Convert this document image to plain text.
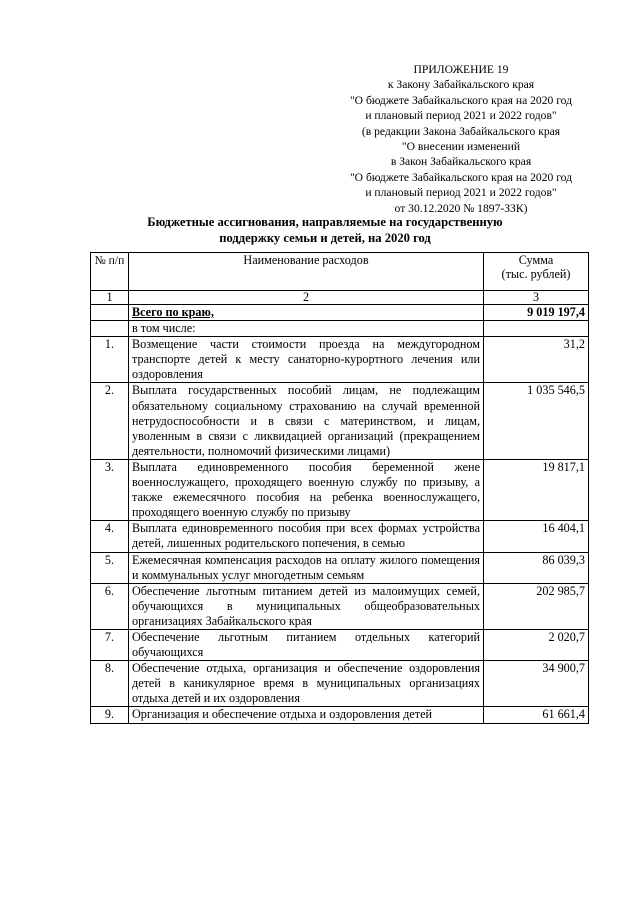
ПРИЛОЖЕНИЕ 19
к Закону Забайкальского края
"О бюджете Забайкальского края на 2020 год
и плановый период 2021 и 2022 годов"
(в редакции Закона Забайкальского края
"О внесении изменений
в Закон Забайкальского края
"О бюджете Забайкальского края на 2020 год
и плановый период 2021 и 2022 годов"
от 30.12.2020 № 1897-ЗЗК)
Бюджетные ассигнования, направляемые на государственную
поддержку семьи и детей, на 2020 год
№ п/п	Наименование расходов	Сумма
(тыс. рублей)

1	2	3
	Всего по краю,	9 019 197,4
	в том числе:	
1.	Возмещение части стоимости проезда на междугородном транспорте детей к месту санаторно-курортного лечения или оздоровления	31,2
2.	Выплата государственных пособий лицам, не подлежащим обязательному социальному страхованию на случай временной нетрудоспособности и в связи с материнством, и лицам, уволенным в связи с ликвидацией организаций (прекращением деятельности, полномочий физическими лицами)	1 035 546,5
3.	Выплата единовременного пособия беременной жене военнослужащего, проходящего военную службу по призыву, а также ежемесячного пособия на ребенка военнослужащего, проходящего военную службу по призыву	19 817,1
4.	Выплата единовременного пособия при всех формах устройства детей, лишенных родительского попечения, в семью	16 404,1
5.	Ежемесячная компенсация расходов на оплату жилого помещения и коммунальных услуг многодетным семьям	86 039,3
6.	Обеспечение льготным питанием детей из малоимущих семей, обучающихся в муниципальных общеобразовательных организациях Забайкальского края	202 985,7
7.	Обеспечение льготным питанием отдельных категорий обучающихся	2 020,7
8.	Обеспечение отдыха, организация и обеспечение оздоровления детей в каникулярное время в муниципальных организациях отдыха детей и их оздоровления	34 900,7
9.	Организация и обеспечение отдыха и оздоровления детей	61 661,4
